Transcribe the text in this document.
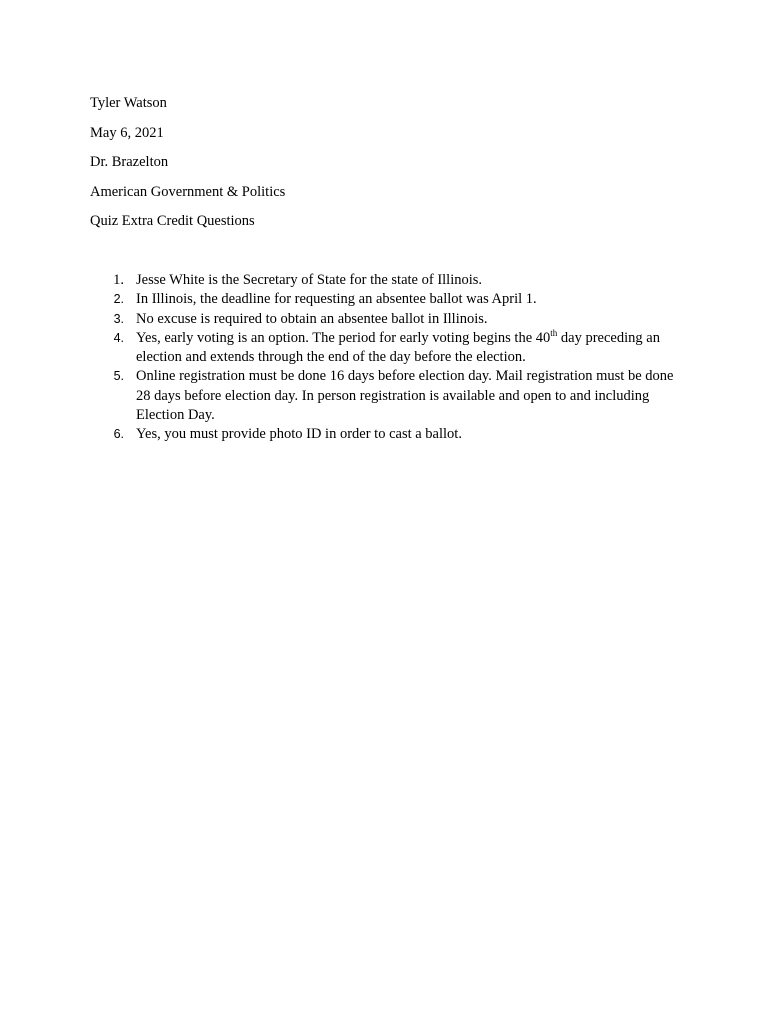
Tyler Watson
May 6, 2021
Dr. Brazelton
American Government & Politics
Quiz Extra Credit Questions
1. Jesse White is the Secretary of State for the state of Illinois.
2. In Illinois, the deadline for requesting an absentee ballot was April 1.
3. No excuse is required to obtain an absentee ballot in Illinois.
4. Yes, early voting is an option. The period for early voting begins the 40th day preceding an election and extends through the end of the day before the election.
5. Online registration must be done 16 days before election day. Mail registration must be done 28 days before election day. In person registration is available and open to and including Election Day.
6. Yes, you must provide photo ID in order to cast a ballot.
